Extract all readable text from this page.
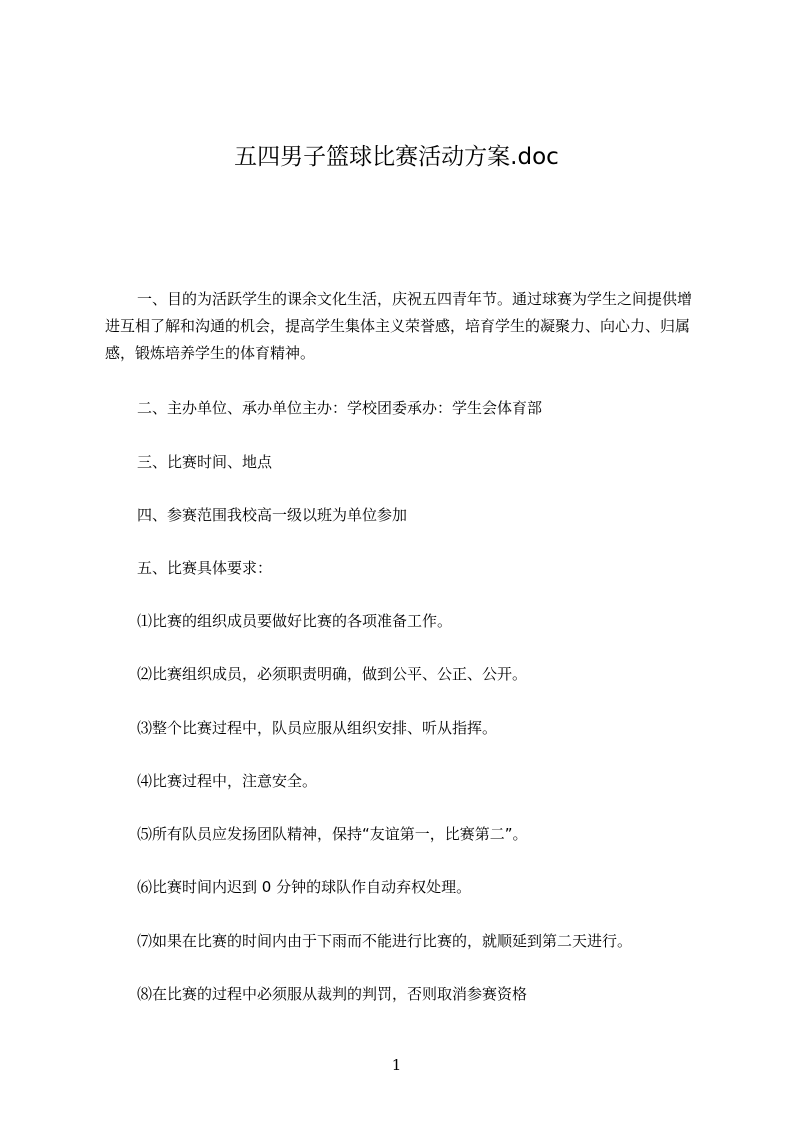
五四男子篮球比赛活动方案.doc

一、目的为活跃学生的课余文化生活，庆祝五四青年节。通过球赛为学生之间提供增进互相了解和沟通的机会，提高学生集体主义荣誉感，培育学生的凝聚力、向心力、归属感，锻炼培养学生的体育精神。

二、主办单位、承办单位主办：学校团委承办：学生会体育部

三、比赛时间、地点

四、参赛范围我校高一级以班为单位参加

五、比赛具体要求：

⑴比赛的组织成员要做好比赛的各项准备工作。

⑵比赛组织成员，必须职责明确，做到公平、公正、公开。

⑶整个比赛过程中，队员应服从组织安排、听从指挥。

⑷比赛过程中，注意安全。

⑸所有队员应发扬团队精神，保持“友谊第一，比赛第二”。

⑹比赛时间内迟到 0 分钟的球队作自动弃权处理。

⑺如果在比赛的时间内由于下雨而不能进行比赛的，就顺延到第二天进行。

⑻在比赛的过程中必须服从裁判的判罚，否则取消参赛资格

1
